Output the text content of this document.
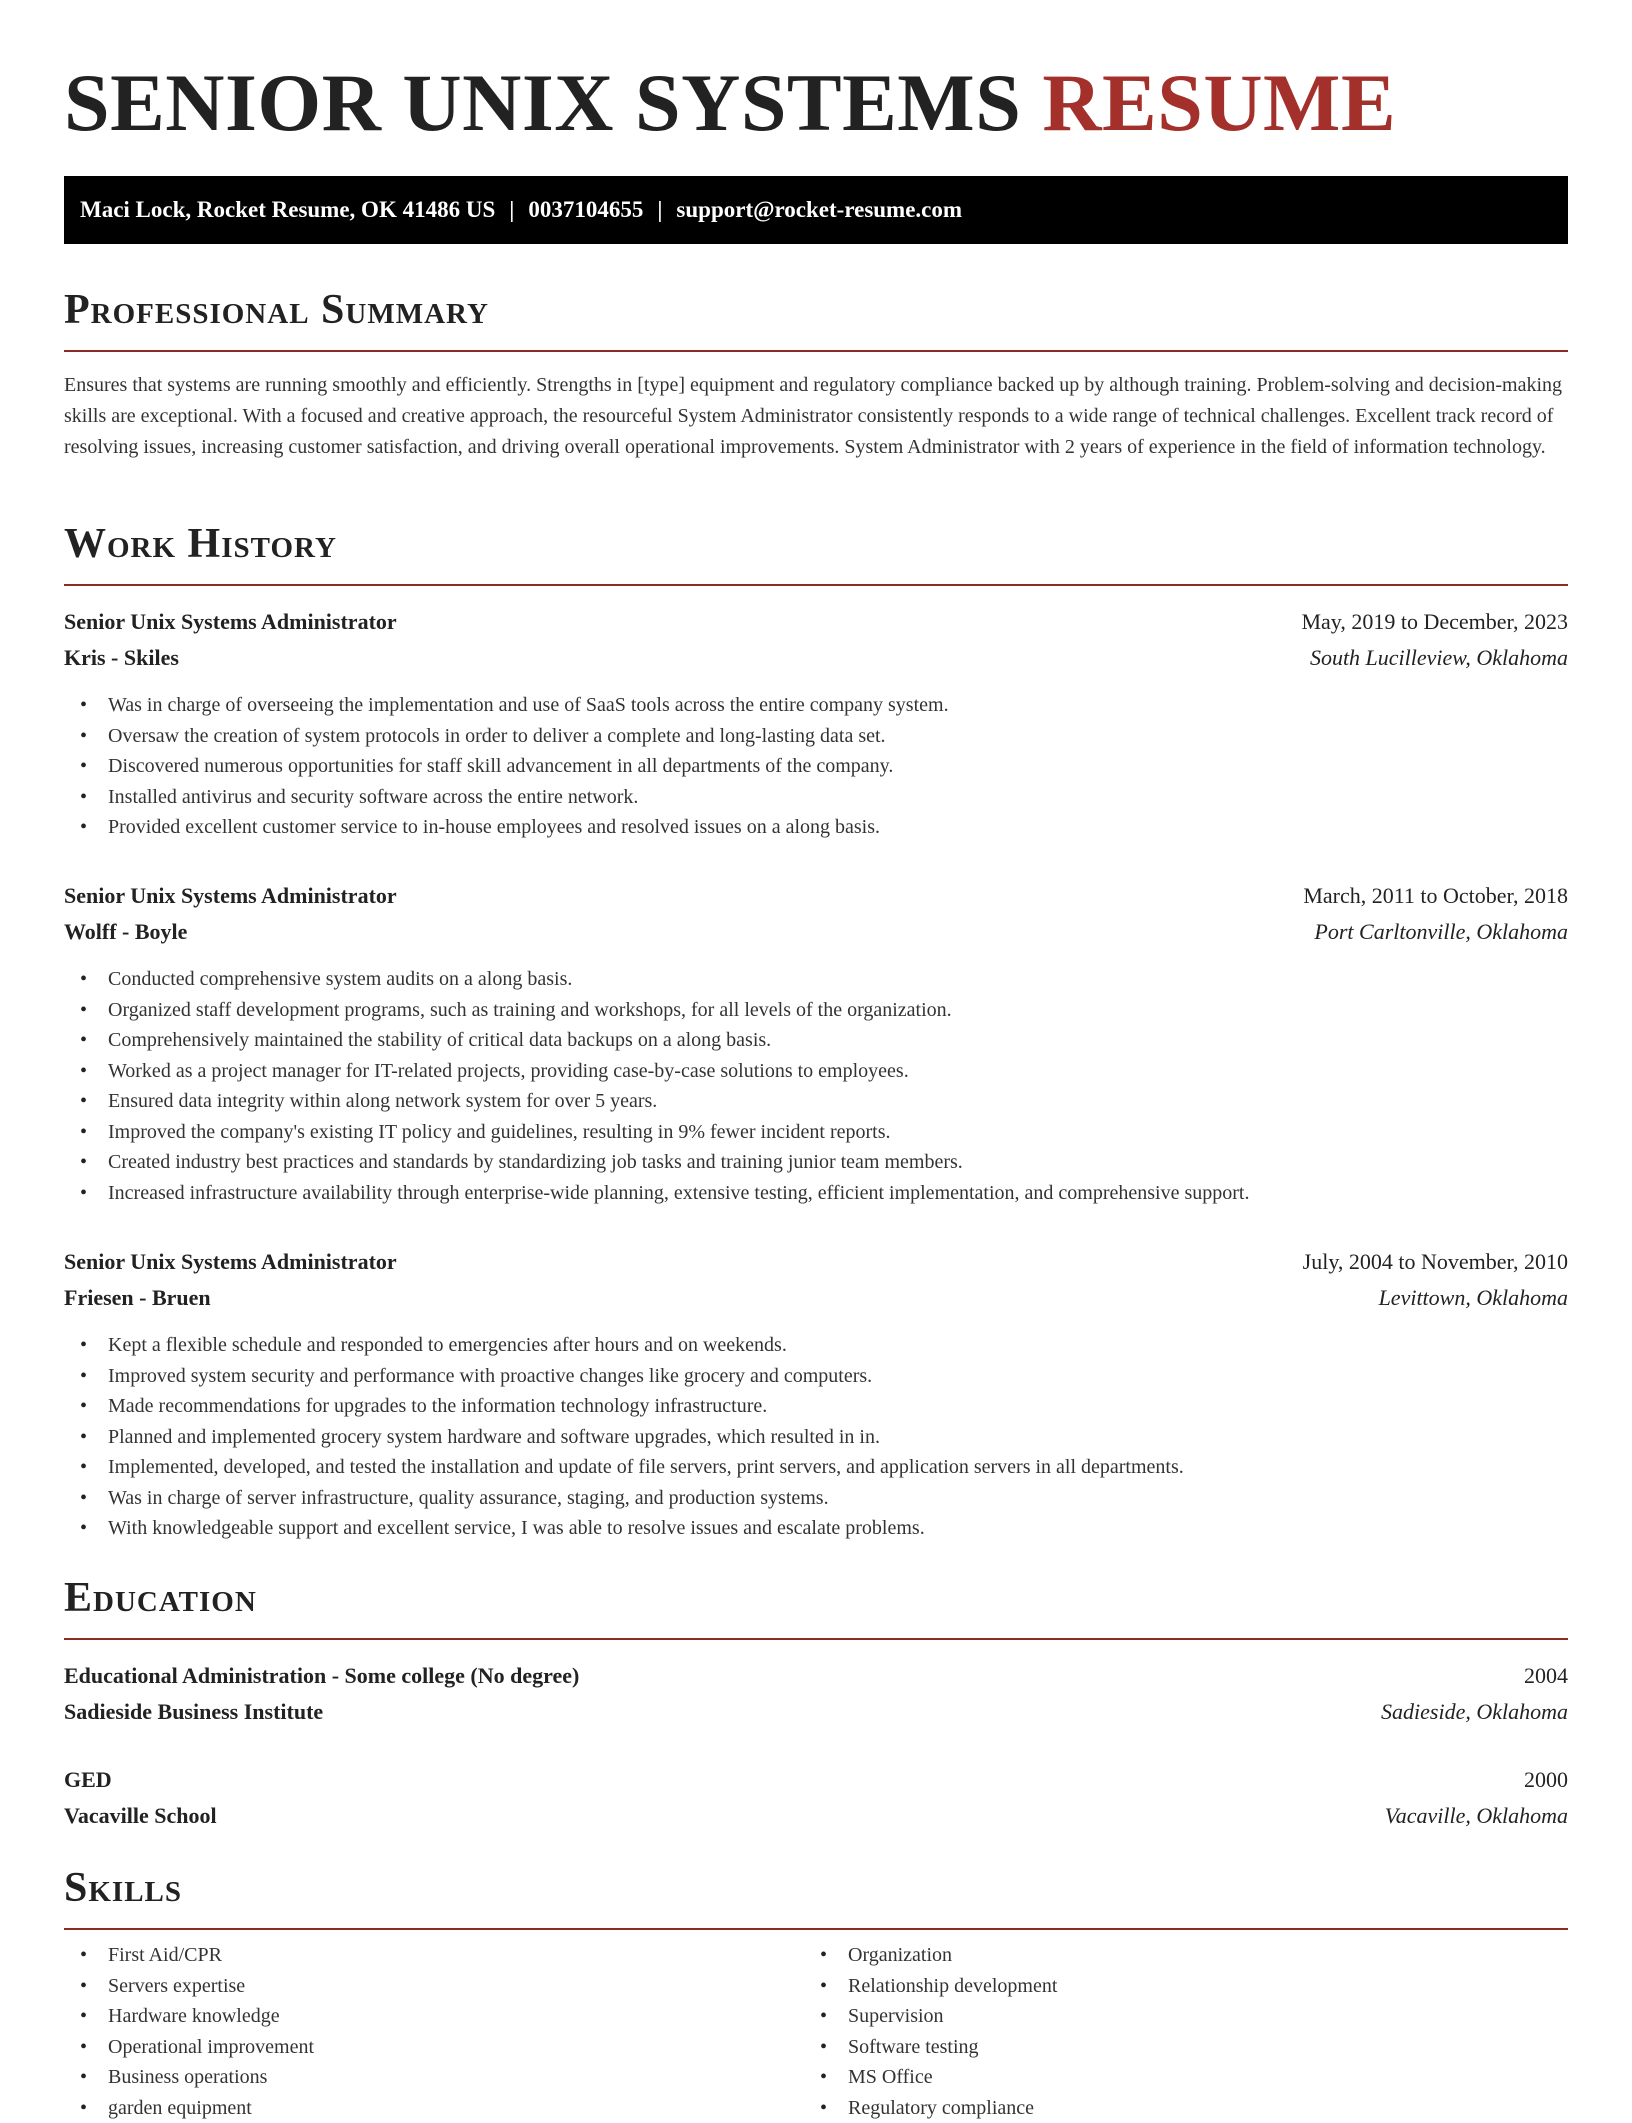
SENIOR UNIX SYSTEMS RESUME
Maci Lock, Rocket Resume, OK 41486 US | 0037104655 | support@rocket-resume.com
Professional Summary

Ensures that systems are running smoothly and efficiently. Strengths in [type] equipment and regulatory compliance backed up by although training. Problem-solving and decision-making skills are exceptional. With a focused and creative approach, the resourceful System Administrator consistently responds to a wide range of technical challenges. Excellent track record of resolving issues, increasing customer satisfaction, and driving overall operational improvements. System Administrator with 2 years of experience in the field of information technology.

Work History
Senior Unix Systems Administrator	May, 2019 to December, 2023
Kris - Skiles	South Lucilleview, Oklahoma
• Was in charge of overseeing the implementation and use of SaaS tools across the entire company system.
• Oversaw the creation of system protocols in order to deliver a complete and long-lasting data set.
• Discovered numerous opportunities for staff skill advancement in all departments of the company.
• Installed antivirus and security software across the entire network.
• Provided excellent customer service to in-house employees and resolved issues on a along basis.
Senior Unix Systems Administrator	March, 2011 to October, 2018
Wolff - Boyle	Port Carltonville, Oklahoma
• Conducted comprehensive system audits on a along basis.
• Organized staff development programs, such as training and workshops, for all levels of the organization.
• Comprehensively maintained the stability of critical data backups on a along basis.
• Worked as a project manager for IT-related projects, providing case-by-case solutions to employees.
• Ensured data integrity within along network system for over 5 years.
• Improved the company's existing IT policy and guidelines, resulting in 9% fewer incident reports.
• Created industry best practices and standards by standardizing job tasks and training junior team members.
• Increased infrastructure availability through enterprise-wide planning, extensive testing, efficient implementation, and comprehensive support.
Senior Unix Systems Administrator	July, 2004 to November, 2010
Friesen - Bruen	Levittown, Oklahoma
• Kept a flexible schedule and responded to emergencies after hours and on weekends.
• Improved system security and performance with proactive changes like grocery and computers.
• Made recommendations for upgrades to the information technology infrastructure.
• Planned and implemented grocery system hardware and software upgrades, which resulted in in.
• Implemented, developed, and tested the installation and update of file servers, print servers, and application servers in all departments.
• Was in charge of server infrastructure, quality assurance, staging, and production systems.
• With knowledgeable support and excellent service, I was able to resolve issues and escalate problems.
Education
Educational Administration - Some college (No degree)	2004
Sadieside Business Institute	Sadieside, Oklahoma
GED	2000
Vacaville School	Vacaville, Oklahoma
Skills
• First Aid/CPR
• Servers expertise
• Hardware knowledge
• Operational improvement
• Business operations
• garden equipment
• Organization
• Relationship development
• Supervision
• Software testing
• MS Office
• Regulatory compliance
